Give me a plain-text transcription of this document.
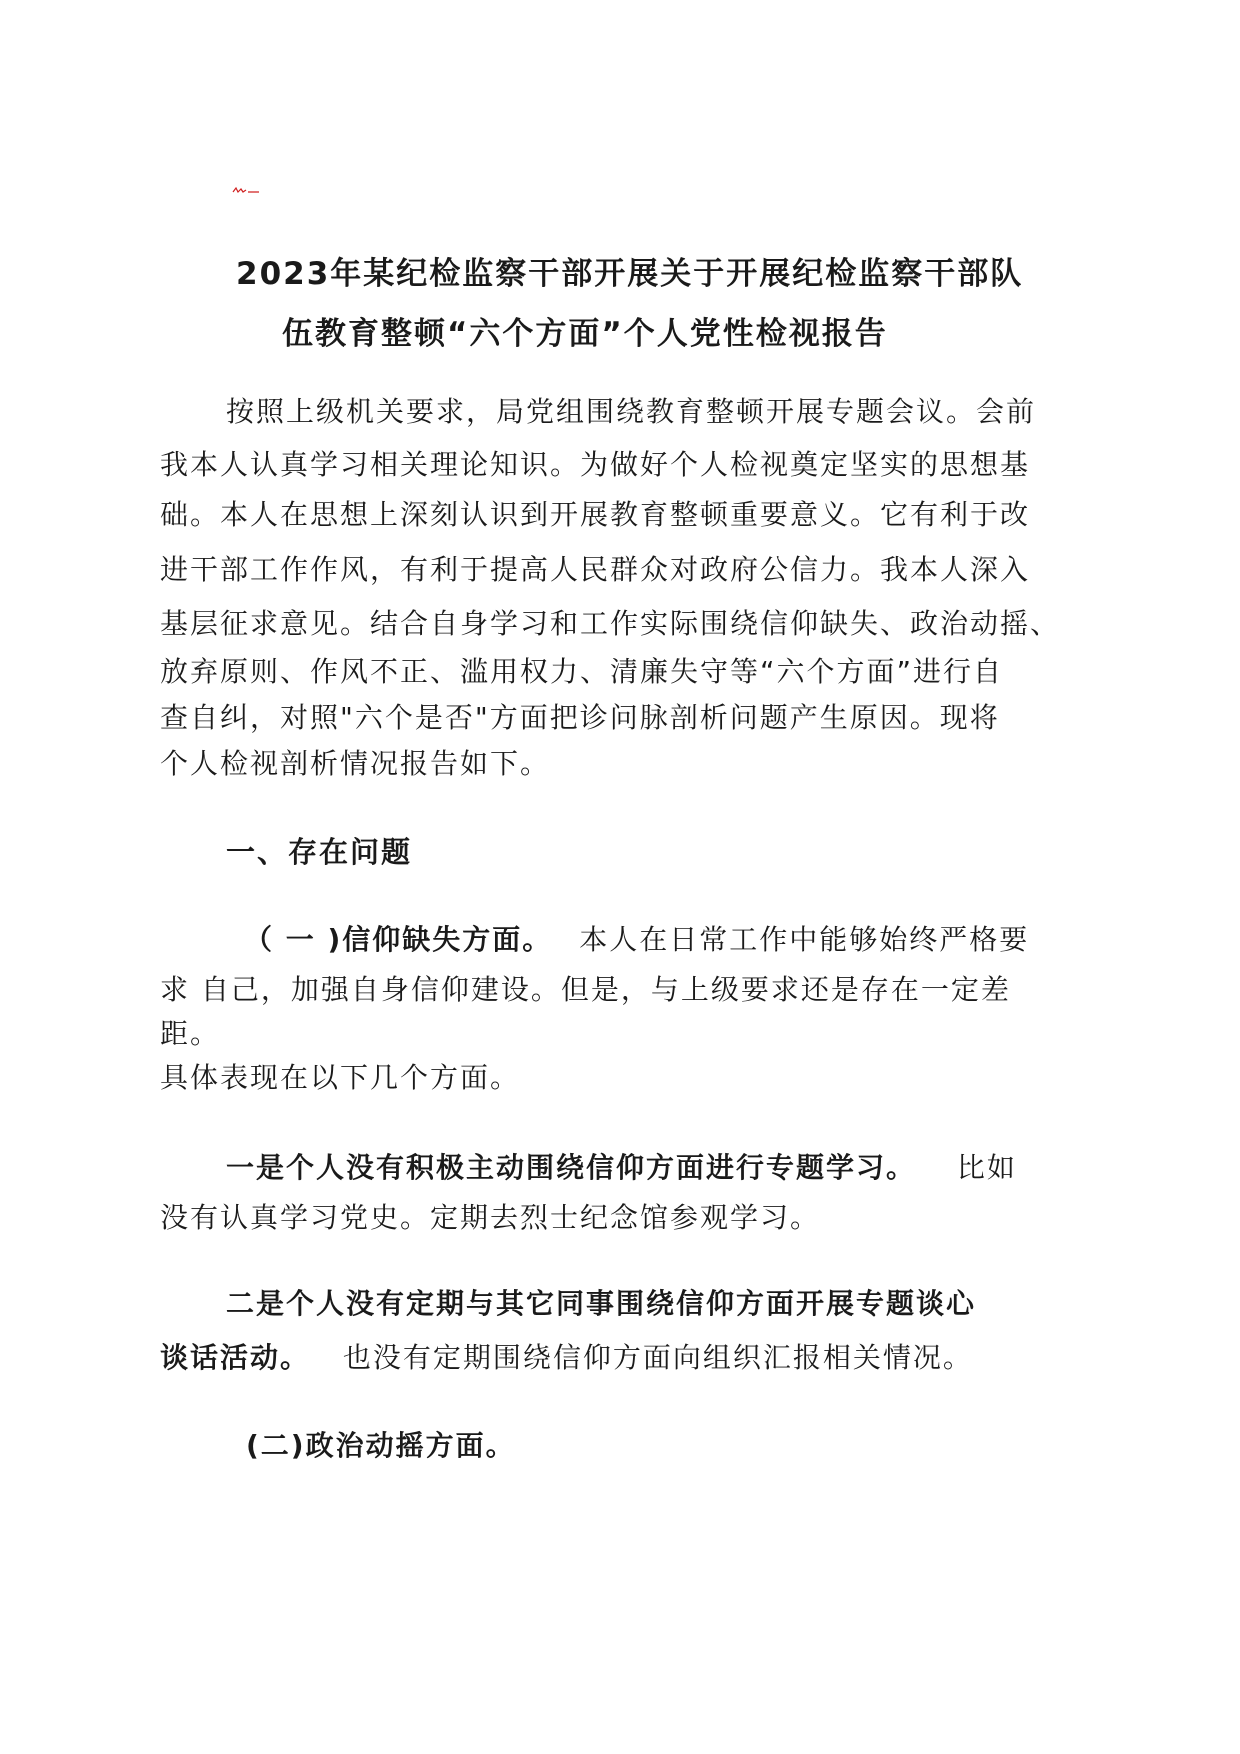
2023年某纪检监察干部开展关于开展纪检监察干部队
伍教育整顿“六个方面”个人党性检视报告
按照上级机关要求，局党组围绕教育整顿开展专题会议。会前
我本人认真学习相关理论知识。为做好个人检视奠定坚实的思想基
础。本人在思想上深刻认识到开展教育整顿重要意义。它有利于改
进干部工作作风，有利于提高人民群众对政府公信力。我本人深入
基层征求意见。结合自身学习和工作实际围绕信仰缺失、政治动摇、
放弃原则、作风不正、滥用权力、清廉失守等“六个方面”进行自
查自纠，对照"六个是否"方面把诊问脉剖析问题产生原因。现将
个人检视剖析情况报告如下。
一、存在问题
（ 一 )信仰缺失方面。 本人在日常工作中能够始终严格要
求 自己，加强自身信仰建设。但是，与上级要求还是存在一定差
距。
具体表现在以下几个方面。
一是个人没有积极主动围绕信仰方面进行专题学习。 比如
没有认真学习党史。定期去烈士纪念馆参观学习。
二是个人没有定期与其它同事围绕信仰方面开展专题谈心
谈话活动。 也没有定期围绕信仰方面向组织汇报相关情况。
(二)政治动摇方面。
